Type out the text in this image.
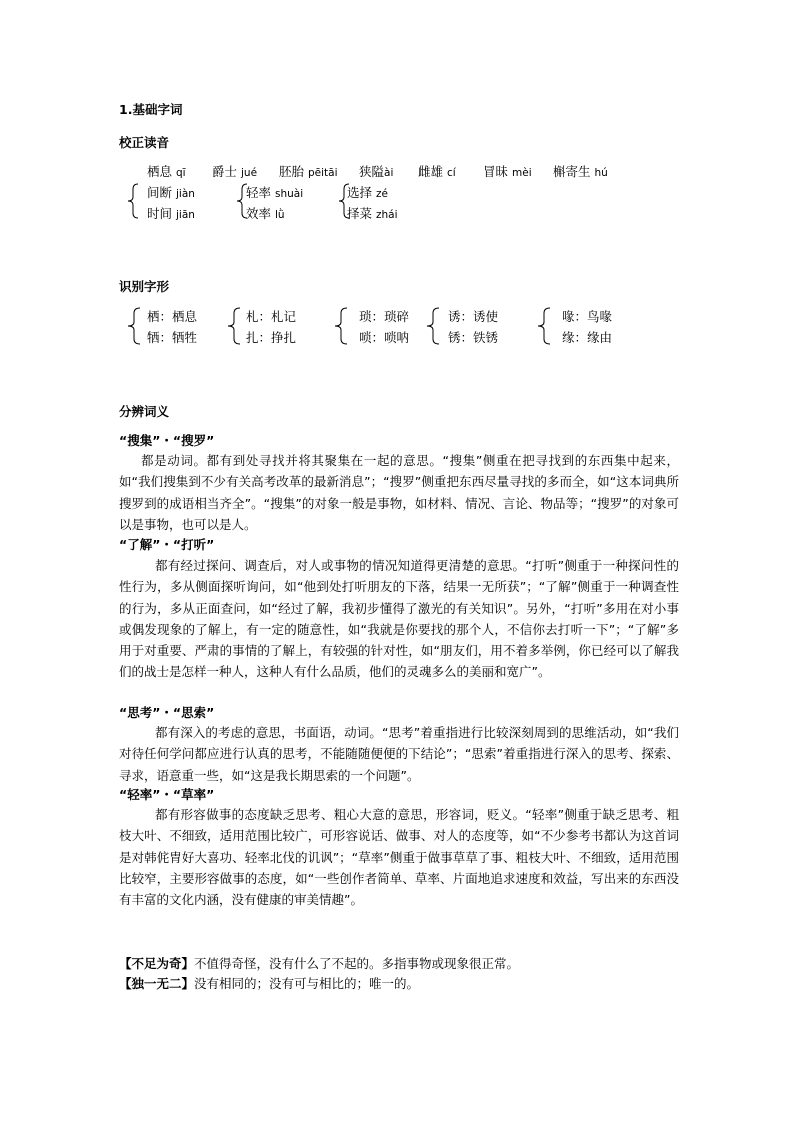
1.基础字词
校正读音
栖息 qī 爵士 jué 胚胎 pēitāi 狭隘ài 雌雄 cí 冒昧 mèi 槲寄生 hú
间断 jiàn
时间 jiān
轻率 shuài
效率 lǜ
选择 zé
择菜 zhái
识别字形
栖：栖息
牺：牺牲
札：札记
扎：挣扎
琐：琐碎
唢：唢呐
诱：诱使
锈：铁锈
喙：鸟喙
缘：缘由
分辨词义
“搜集”・“搜罗”
都是动词。都有到处寻找并将其聚集在一起的意思。“搜集”侧重在把寻找到的东西集中起来，如“我们搜集到不少有关高考改革的最新消息”；“搜罗”侧重把东西尽量寻找的多而全，如“这本词典所搜罗到的成语相当齐全”。“搜集”的对象一般是事物，如材料、情况、言论、物品等；“搜罗”的对象可以是事物，也可以是人。
“了解”・“打听”
都有经过探问、调查后，对人或事物的情况知道得更清楚的意思。“打听”侧重于一种探问性的性行为，多从侧面探听询问，如“他到处打听朋友的下落，结果一无所获”；“了解”侧重于一种调查性的行为，多从正面查问，如“经过了解，我初步懂得了激光的有关知识”。另外，“打听”多用在对小事或偶发现象的了解上，有一定的随意性，如“我就是你要找的那个人，不信你去打听一下”；“了解”多用于对重要、严肃的事情的了解上，有较强的针对性，如“朋友们，用不着多举例，你已经可以了解我们的战士是怎样一种人，这种人有什么品质，他们的灵魂多么的美丽和宽广”。
“思考”・“思索”
都有深入的考虑的意思，书面语，动词。“思考”着重指进行比较深刻周到的思维活动，如“我们对待任何学问都应进行认真的思考，不能随随便便的下结论”；“思索”着重指进行深入的思考、探索、寻求，语意重一些，如“这是我长期思索的一个问题”。
“轻率”・“草率”
都有形容做事的态度缺乏思考、粗心大意的意思，形容词，贬义。“轻率”侧重于缺乏思考、粗枝大叶、不细致，适用范围比较广，可形容说话、做事、对人的态度等，如“不少参考书都认为这首词是对韩侂胄好大喜功、轻率北伐的讥讽”；“草率”侧重于做事草草了事、粗枝大叶、不细致，适用范围比较窄，主要形容做事的态度，如“一些创作者简单、草率、片面地追求速度和效益，写出来的东西没有丰富的文化内涵，没有健康的审美情趣”。
【不足为奇】不值得奇怪，没有什么了不起的。多指事物或现象很正常。
【独一无二】没有相同的；没有可与相比的；唯一的。
